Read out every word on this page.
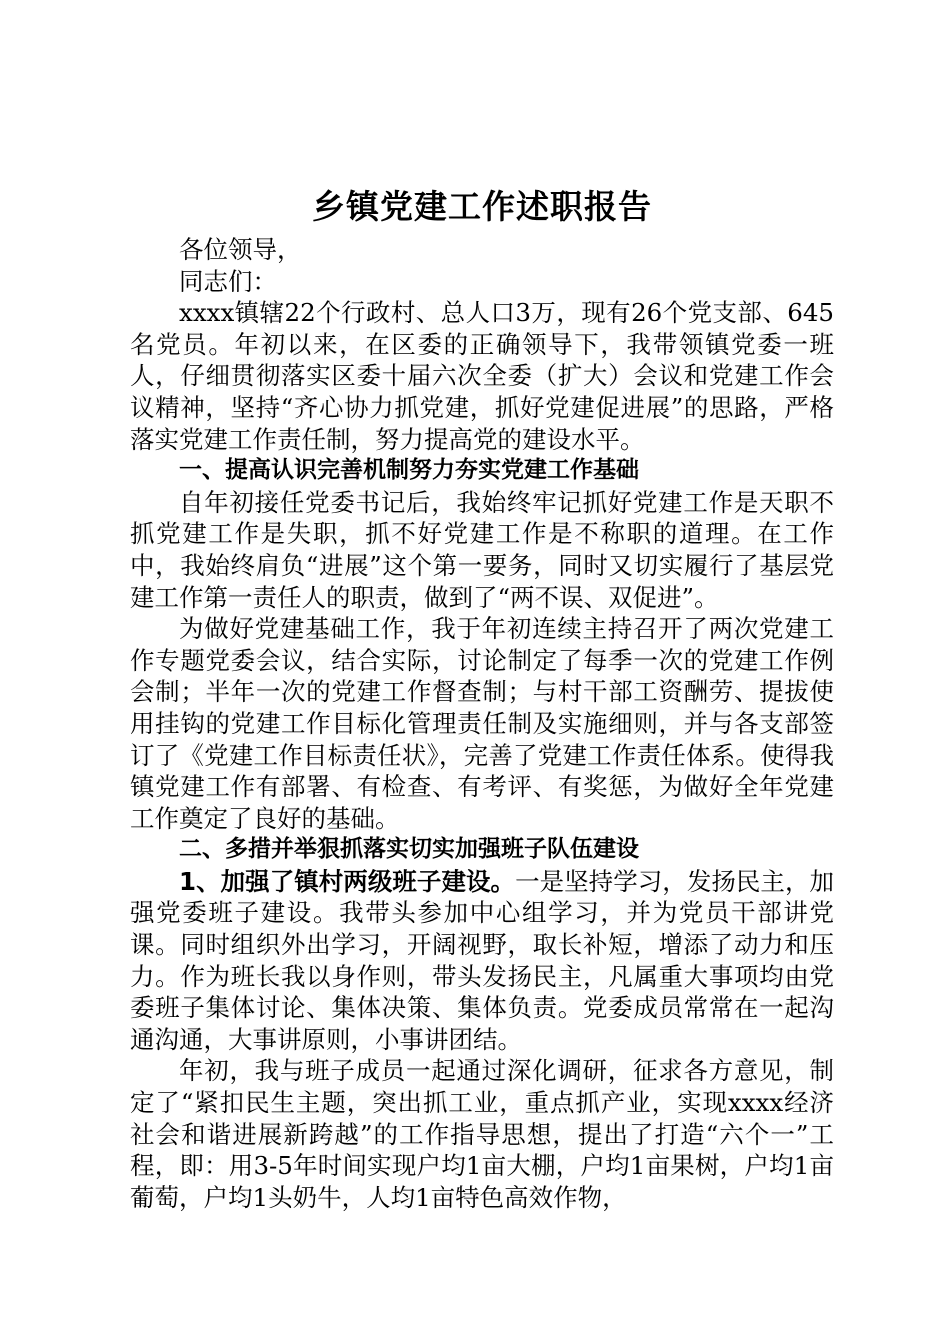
乡镇党建工作述职报告

各位领导，

同志们：

xxxx镇辖22个行政村、总人口3万，现有26个党支部、645名党员。年初以来，在区委的正确领导下，我带领镇党委一班人，仔细贯彻落实区委十届六次全委（扩大）会议和党建工作会议精神，坚持“齐心协力抓党建，抓好党建促进展”的思路，严格落实党建工作责任制，努力提高党的建设水平。

一、提高认识完善机制努力夯实党建工作基础

自年初接任党委书记后，我始终牢记抓好党建工作是天职不抓党建工作是失职，抓不好党建工作是不称职的道理。在工作中，我始终肩负“进展”这个第一要务，同时又切实履行了基层党建工作第一责任人的职责，做到了“两不误、双促进”。

为做好党建基础工作，我于年初连续主持召开了两次党建工作专题党委会议，结合实际，讨论制定了每季一次的党建工作例会制；半年一次的党建工作督查制；与村干部工资酬劳、提拔使用挂钩的党建工作目标化管理责任制及实施细则，并与各支部签订了《党建工作目标责任状》，完善了党建工作责任体系。使得我镇党建工作有部署、有检查、有考评、有奖惩，为做好全年党建工作奠定了良好的基础。

二、多措并举狠抓落实切实加强班子队伍建设

1、加强了镇村两级班子建设。一是坚持学习，发扬民主，加强党委班子建设。我带头参加中心组学习，并为党员干部讲党课。同时组织外出学习，开阔视野，取长补短，增添了动力和压力。作为班长我以身作则，带头发扬民主，凡属重大事项均由党委班子集体讨论、集体决策、集体负责。党委成员常常在一起沟通沟通，大事讲原则，小事讲团结。

年初，我与班子成员一起通过深化调研，征求各方意见，制定了“紧扣民生主题，突出抓工业，重点抓产业，实现xxxx经济社会和谐进展新跨越”的工作指导思想，提出了打造“六个一”工程，即：用3-5年时间实现户均1亩大棚，户均1亩果树，户均1亩葡萄，户均1头奶牛，人均1亩特色高效作物，
